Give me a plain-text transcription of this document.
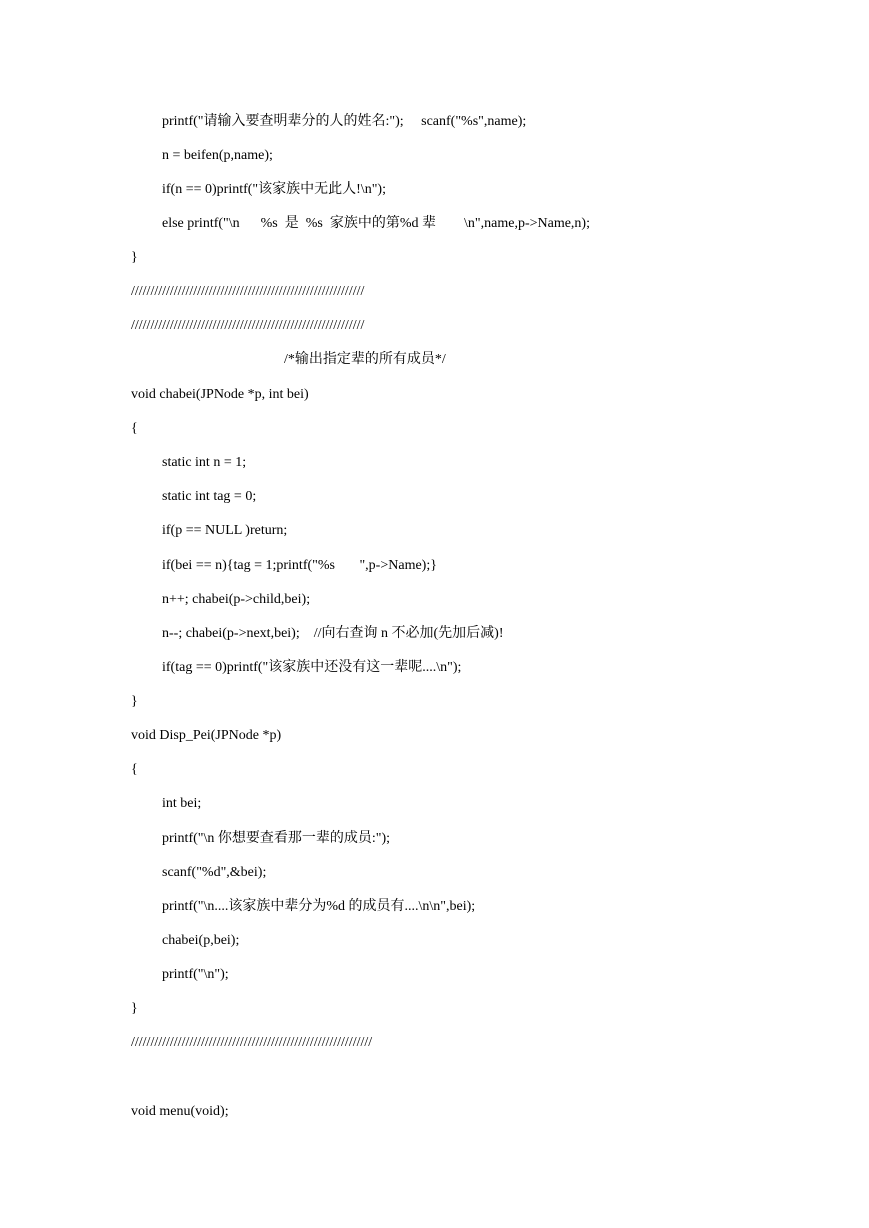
printf("请输入要查明辈分的人的姓名:");     scanf("%s",name);
n = beifen(p,name);
if(n == 0)printf("该家族中无此人!\n");
else printf("\n      %s  是  %s  家族中的第%d 辈        \n",name,p->Name,n);
}
////////////////////////////////////////////////////////////
////////////////////////////////////////////////////////////
/*输出指定辈的所有成员*/
void chabei(JPNode *p, int bei)
{
static int n = 1;
static int tag = 0;
if(p == NULL )return;
if(bei == n){tag = 1;printf("%s       ",p->Name);}
n++; chabei(p->child,bei);
n--; chabei(p->next,bei);    //向右查询 n 不必加(先加后减)!
if(tag == 0)printf("该家族中还没有这一辈呢....\n");
}
void Disp_Pei(JPNode *p)
{
int bei;
printf("\n 你想要查看那一辈的成员:");
scanf("%d",&bei);
printf("\n....该家族中辈分为%d 的成员有....\n\n",bei);
chabei(p,bei);
printf("\n");
}
//////////////////////////////////////////////////////////////
void menu(void);
